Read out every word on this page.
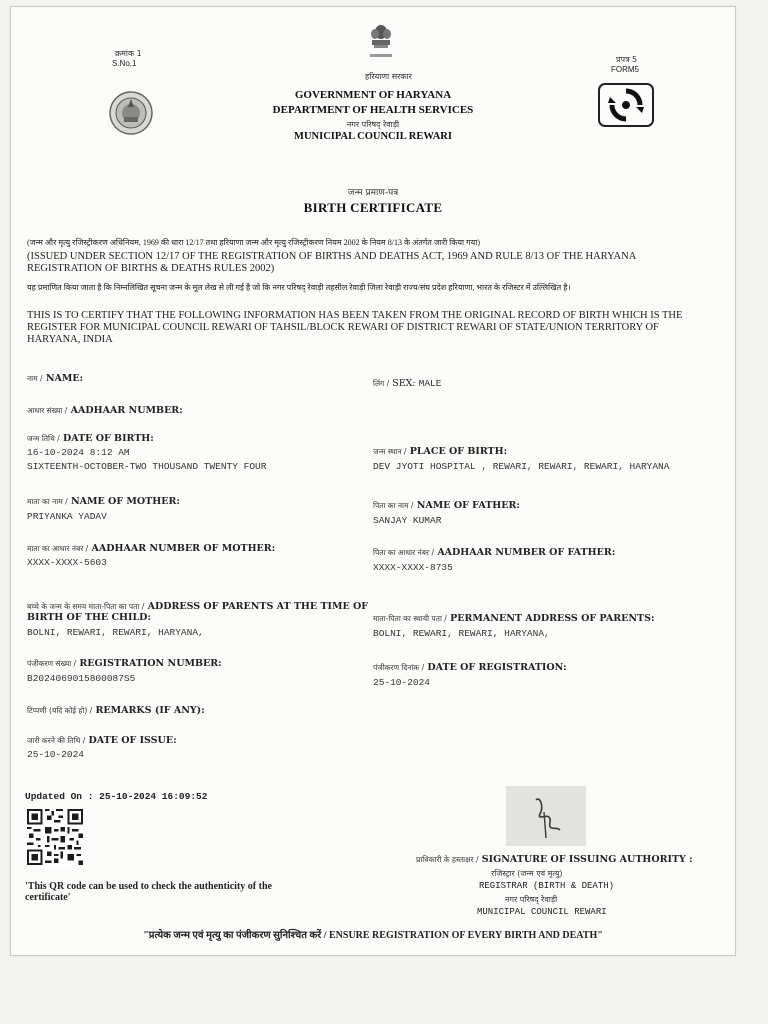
क्रमांक 1
S.No.1
हरियाणा सरकार
GOVERNMENT OF HARYANA
DEPARTMENT OF HEALTH SERVICES
नगर परिषद् रेवाड़ी
MUNICIPAL COUNCIL REWARI
प्रपत्र 5
FORM5
जन्म प्रमाण-पत्र
BIRTH CERTIFICATE
(जन्म और मृत्यु रजिस्ट्रीकरण अधिनियम, 1969 की धारा 12/17 तथा हरियाणा जन्म और मृत्यु रजिस्ट्रीकरण नियम 2002 के नियम 8/13 के अंतर्गत जारी किया गया)
(ISSUED UNDER SECTION 12/17 OF THE REGISTRATION OF BIRTHS AND DEATHS ACT, 1969 AND RULE 8/13 OF THE HARYANA REGISTRATION OF BIRTHS & DEATHS RULES 2002)
यह प्रमाणित किया जाता है कि निम्नलिखित सूचना जन्म के मूल लेख से ली गई है जो कि नगर परिषद् रेवाड़ी तहसील रेवाड़ी जिला रेवाड़ी राज्य/संघ प्रदेश हरियाणा, भारत के रजिस्टर में उल्लिखित है।
THIS IS TO CERTIFY THAT THE FOLLOWING INFORMATION HAS BEEN TAKEN FROM THE ORIGINAL RECORD OF BIRTH WHICH IS THE REGISTER FOR MUNICIPAL COUNCIL REWARI OF TAHSIL/BLOCK REWARI OF DISTRICT REWARI OF STATE/UNION TERRITORY OF HARYANA, INDIA
नाम / NAME:	लिंग / SEX: MALE
आधार संख्या / AADHAAR NUMBER:
जन्म तिथि / DATE OF BIRTH:
16-10-2024 8:12 AM
SIXTEENTH-OCTOBER-TWO THOUSAND TWENTY FOUR
जन्म स्थान / PLACE OF BIRTH:
DEV JYOTI HOSPITAL , REWARI, REWARI, REWARI, HARYANA
माता का नाम / NAME OF MOTHER:
PRIYANKA YADAV
पिता का नाम / NAME OF FATHER:
SANJAY KUMAR
माता का आधार नंबर / AADHAAR NUMBER OF MOTHER:
XXXX-XXXX-5603
पिता का आधार नंबर / AADHAAR NUMBER OF FATHER:
XXXX-XXXX-8735
बच्चे के जन्म के समय माता-पिता का पता / ADDRESS OF PARENTS AT THE TIME OF
BIRTH OF THE CHILD:
BOLNI, REWARI, REWARI, HARYANA,
माता-पिता का स्थायी पता / PERMANENT ADDRESS OF PARENTS:
BOLNI, REWARI, REWARI, HARYANA,
पंजीकरण संख्या / REGISTRATION NUMBER:
B2024069015800087S5
पंजीकरण दिनांक / DATE OF REGISTRATION:
25-10-2024
टिप्पणी (यदि कोई हो) / REMARKS (IF ANY):
जारी करने की तिथि / DATE OF ISSUE:
25-10-2024
Updated On : 25-10-2024 16:09:52
'This QR code can be used to check the authenticity of the
certificate'
प्राधिकारी के हस्ताक्षर / SIGNATURE OF ISSUING AUTHORITY :
रजिस्ट्रार (जन्म एवं मृत्यु)
REGISTRAR (BIRTH & DEATH)
नगर परिषद् रेवाड़ी
MUNICIPAL COUNCIL REWARI
"प्रत्येक जन्म एवं मृत्यु का पंजीकरण सुनिश्चित करें / ENSURE REGISTRATION OF EVERY BIRTH AND DEATH"
